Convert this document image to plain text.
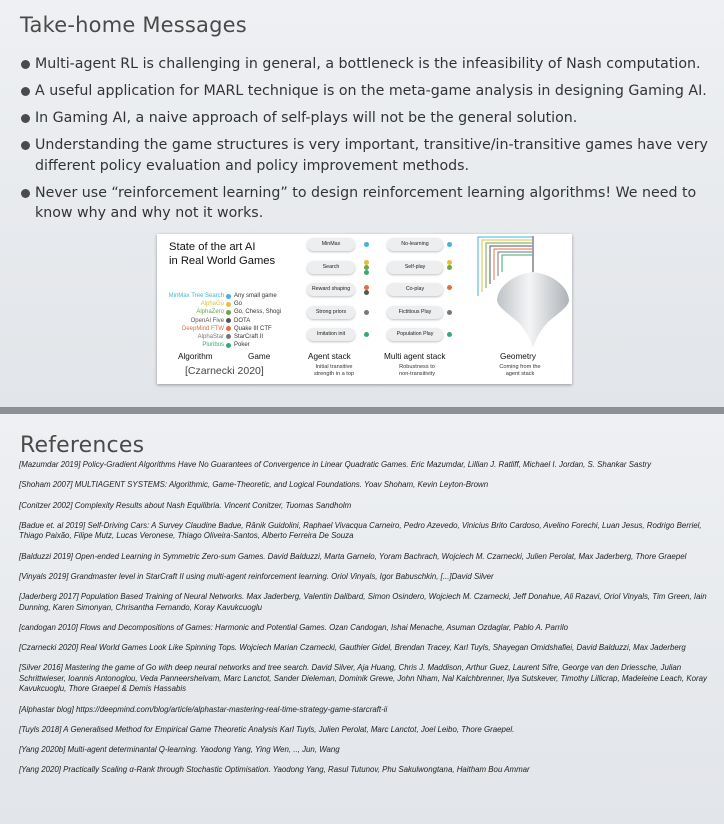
Take-home Messages
Multi-agent RL is challenging in general, a bottleneck is the infeasibility of Nash computation.
A useful application for MARL technique is on the meta-game analysis in designing Gaming AI.
In Gaming AI, a naive approach of self-plays will not be the general solution.
Understanding the game structures is very important, transitive/in-transitive games have very different policy evaluation and policy improvement methods.
Never use “reinforcement learning” to design reinforcement learning algorithms! We need to know why and why not it works.
State of the art AI
in Real World Games
MinMax Tree Search Any small game
AlphaGo Go
AlphaZero Go, Chess, Shogi
OpenAI Five DOTA
DeepMind FTW Quake III CTF
AlphaStar StarCraft II
Pluribus Poker
Algorithm	Game
[Czarnecki 2020]
MinMax
Search
Reward shaping
Strong priors
Imitation init
Agent stack
Initial transitive
strength in a top
No-learning
Self-play
Co-play
Fictitious Play
Population Play
Multi agent stack
Robustness to
non-transitivity
Geometry
Coming from the
agent stack
References
[Mazumdar 2019] Policy-Gradient Algorithms Have No Guarantees of Convergence in Linear Quadratic Games. Eric Mazumdar, Lillian J. Ratliff, Michael I. Jordan, S. Shankar Sastry
[Shoham 2007] MULTIAGENT SYSTEMS: Algorithmic, Game-Theoretic, and Logical Foundations. Yoav Shoham, Kevin Leyton-Brown
[Conitzer 2002] Complexity Results about Nash Equilibria. Vincent Conitzer, Tuomas Sandholm
[Badue et. al 2019] Self-Driving Cars: A Survey Claudine Badue, Rânik Guidolini, Raphael Vivacqua Carneiro, Pedro Azevedo, Vinicius Brito Cardoso, Avelino Forechi, Luan Jesus, Rodrigo Berriel, Thiago Paixão, Filipe Mutz, Lucas Veronese, Thiago Oliveira-Santos, Alberto Ferreira De Souza
[Balduzzi 2019] Open-ended Learning in Symmetric Zero-sum Games. David Balduzzi, Marta Garnelo, Yoram Bachrach, Wojciech M. Czarnecki, Julien Perolat, Max Jaderberg, Thore Graepel
[Vinyals 2019] Grandmaster level in StarCraft II using multi-agent reinforcement learning. Oriol Vinyals, Igor Babuschkin, [...]David Silver
[Jaderberg 2017] Population Based Training of Neural Networks. Max Jaderberg, Valentin Dalibard, Simon Osindero, Wojciech M. Czarnecki, Jeff Donahue, Ali Razavi, Oriol Vinyals, Tim Green, Iain Dunning, Karen Simonyan, Chrisantha Fernando, Koray Kavukcuoglu
[candogan 2010] Flows and Decompositions of Games: Harmonic and Potential Games. Ozan Candogan, Ishai Menache, Asuman Ozdaglar, Pablo A. Parrilo
[Czarnecki 2020] Real World Games Look Like Spinning Tops. Wojciech Marian Czarnecki, Gauthier Gidel, Brendan Tracey, Karl Tuyls, Shayegan Omidshafiei, David Balduzzi, Max Jaderberg
[Silver 2016] Mastering the game of Go with deep neural networks and tree search. David Silver, Aja Huang, Chris J. Maddison, Arthur Guez, Laurent Sifre, George van den Driessche, Julian Schrittwieser, Ioannis Antonoglou, Veda Panneershelvam, Marc Lanctot, Sander Dieleman, Dominik Grewe, John Nham, Nal Kalchbrenner, Ilya Sutskever, Timothy Lillicrap, Madeleine Leach, Koray Kavukcuoglu, Thore Graepel & Demis Hassabis
[Alphastar blog] https://deepmind.com/blog/article/alphastar-mastering-real-time-strategy-game-starcraft-ii
[Tuyls 2018] A Generalised Method for Empirical Game Theoretic Analysis Karl Tuyls, Julien Perolat, Marc Lanctot, Joel Leibo, Thore Graepel.
[Yang 2020b] Multi-agent determinantal Q-learning. Yaodong Yang, Ying Wen, .., Jun, Wang
[Yang 2020] Practically Scaling α-Rank through Stochastic Optimisation. Yaodong Yang, Rasul Tutunov, Phu Sakulwongtana, Haitham Bou Ammar
